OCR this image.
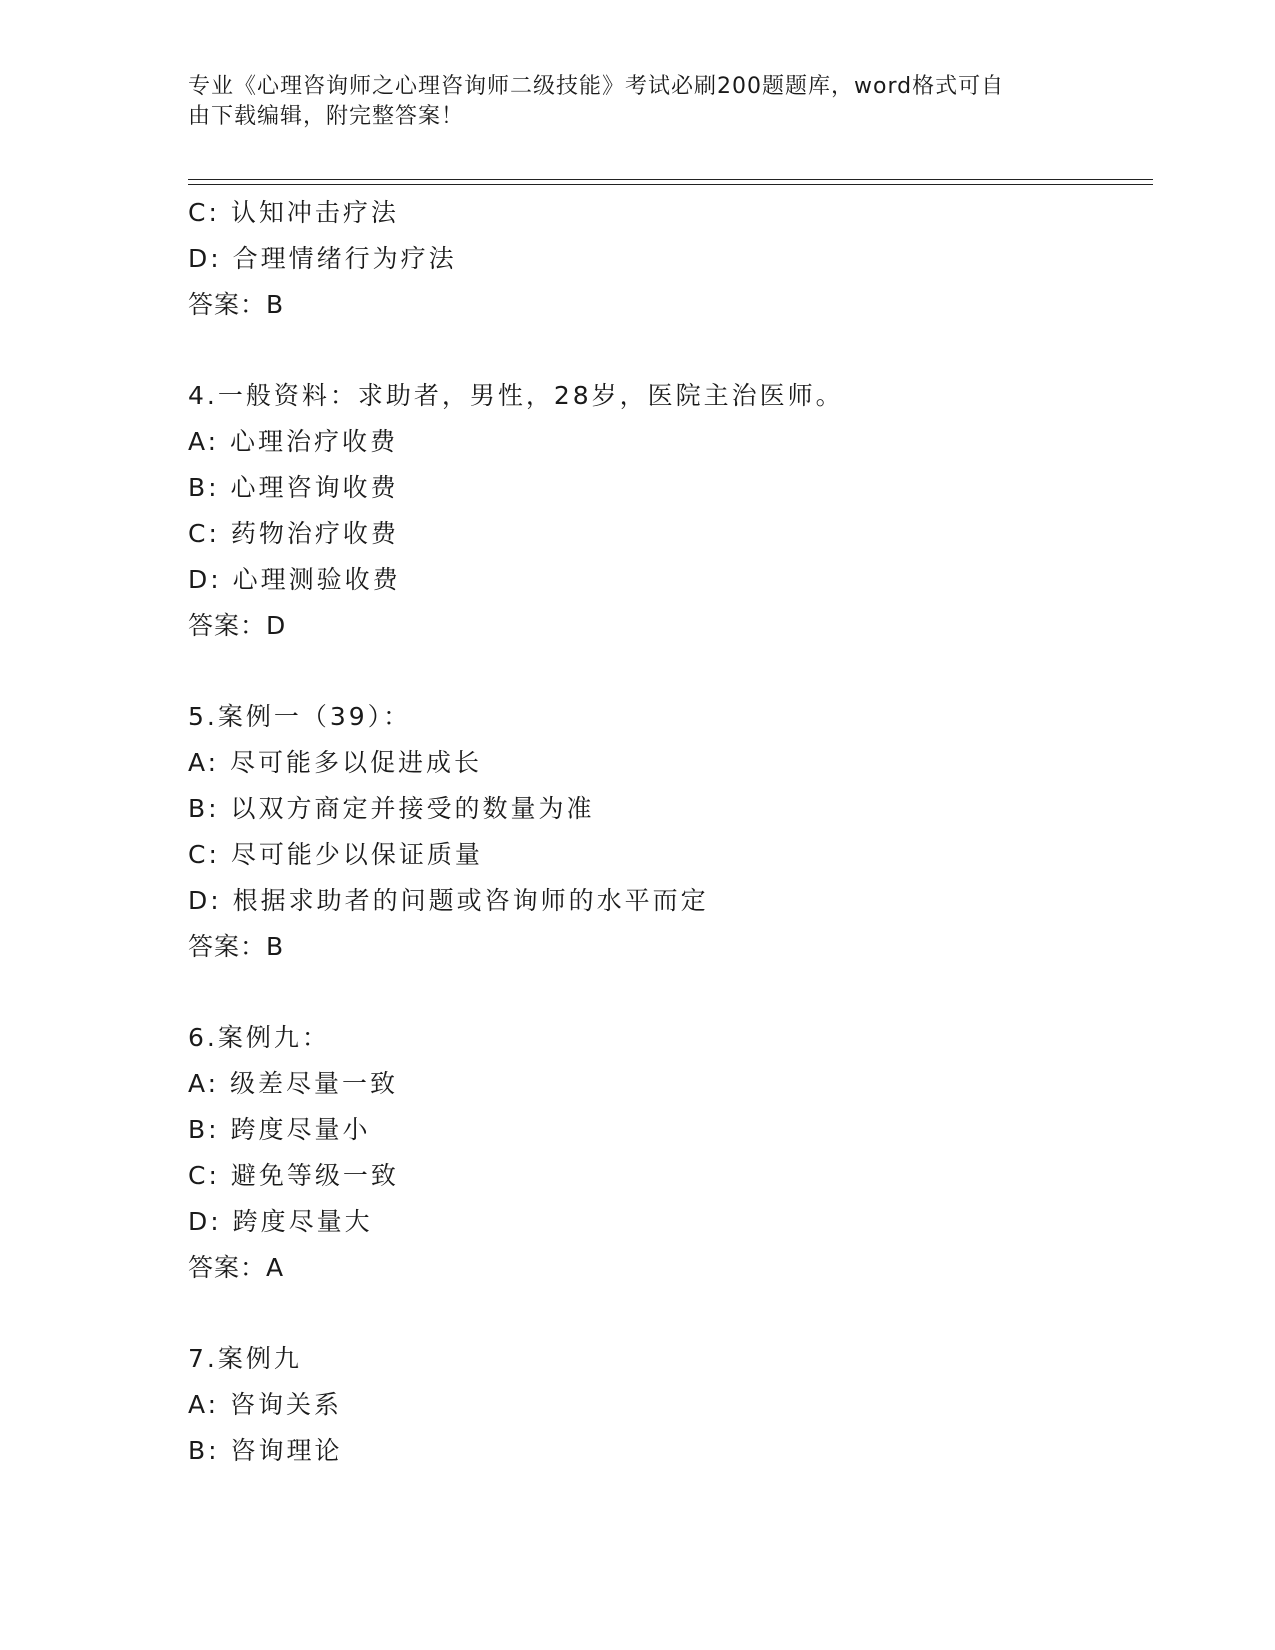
专业《心理咨询师之心理咨询师二级技能》考试必刷200题题库，word格式可自
由下载编辑，附完整答案！
C: 认知冲击疗法
D: 合理情绪行为疗法
答案：B
4.一般资料：求助者，男性，28岁，医院主治医师。
A: 心理治疗收费
B: 心理咨询收费
C: 药物治疗收费
D: 心理测验收费
答案：D
5.案例一（39）：
A: 尽可能多以促进成长
B: 以双方商定并接受的数量为准
C: 尽可能少以保证质量
D: 根据求助者的问题或咨询师的水平而定
答案：B
6.案例九：
A: 级差尽量一致
B: 跨度尽量小
C: 避免等级一致
D: 跨度尽量大
答案：A
7.案例九
A: 咨询关系
B: 咨询理论
